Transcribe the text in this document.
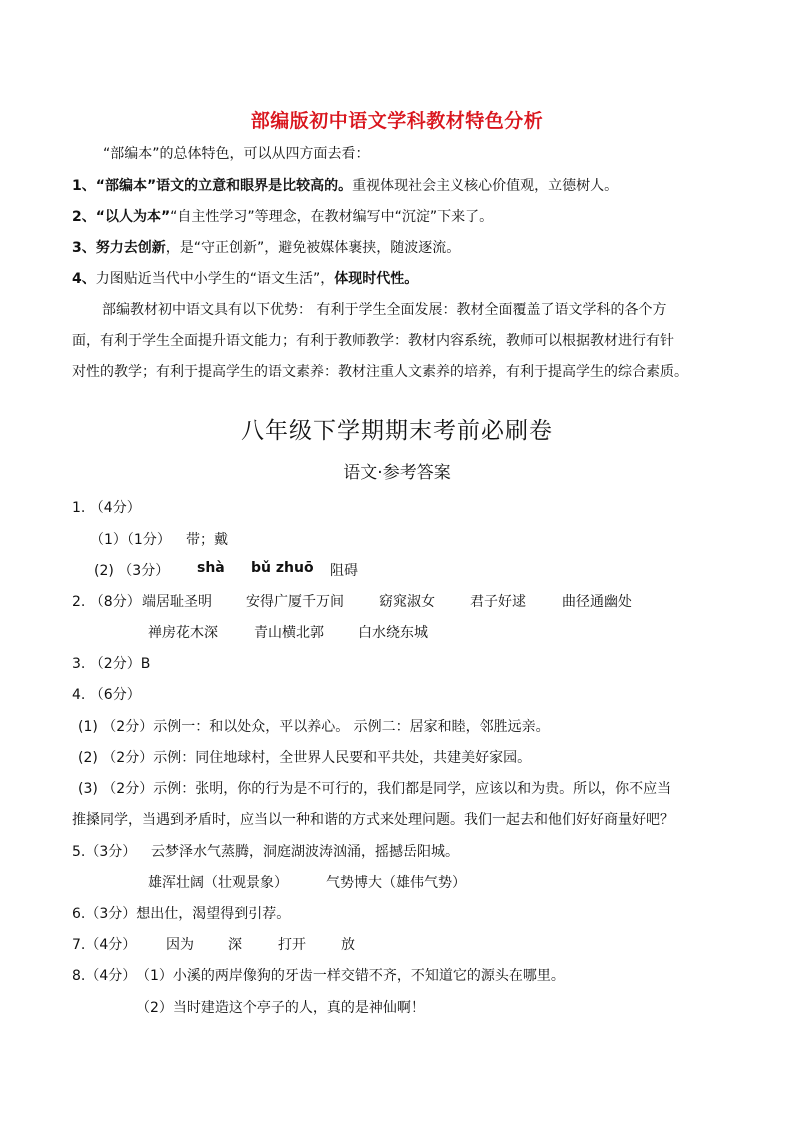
部编版初中语文学科教材特色分析
“部编本”的总体特色，可以从四方面去看：
1、“部编本”语文的立意和眼界是比较高的。重视体现社会主义核心价值观，立德树人。
2、“以人为本”“自主性学习”等理念，在教材编写中“沉淀”下来了。
3、努力去创新，是“守正创新”，避免被媒体裹挟，随波逐流。
4、力图贴近当代中小学生的“语文生活”，体现时代性。
部编教材初中语文具有以下优势： 有利于学生全面发展：教材全面覆盖了语文学科的各个方
面，有利于学生全面提升语文能力；有利于教师教学：教材内容系统，教师可以根据教材进行有针
对性的教学；有利于提高学生的语文素养：教材注重人文素养的培养，有利于提高学生的综合素质。
八年级下学期期末考前必刷卷
语文·参考答案
1. （4分）
（1）（1分） 带；戴
(2) （3分） shà bǔ zhuō 阻碍
2. （8分） 端居耻圣明 安得广厦千万间	窈窕淑女	君子好逑	曲径通幽处
禅房花木深	青山横北郭 白水绕东城
3. （2分）B
4. （6分）
(1) （2分）示例一：和以处众，平以养心。 示例二：居家和睦，邻胜远亲。
(2) （2分）示例：同住地球村，全世界人民要和平共处，共建美好家园。
(3) （2分）示例：张明，你的行为是不可行的，我们都是同学，应该以和为贵。所以，你不应当
推搡同学，当遇到矛盾时，应当以一种和谐的方式来处理问题。我们一起去和他们好好商量好吧？
5.（3分） 云梦泽水气蒸腾，洞庭湖波涛汹涌，摇撼岳阳城。
雄浑壮阔（壮观景象）	气势博大（雄伟气势）
6.（3分）想出仕，渴望得到引荐。
7.（4分） 因为 深	打开	放
8.（4分） （1）小溪的两岸像狗的牙齿一样交错不齐，不知道它的源头在哪里。
（2）当时建造这个亭子的人，真的是神仙啊！
